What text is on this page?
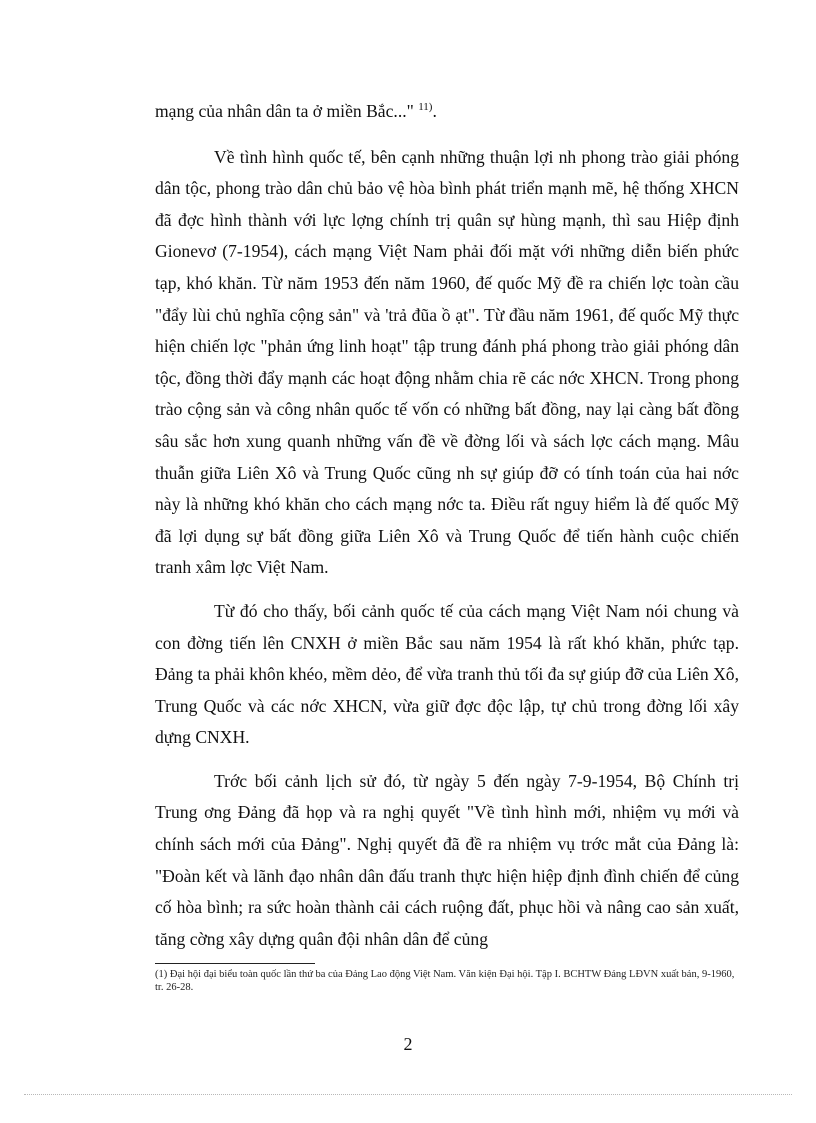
mạng của nhân dân ta ở miền Bắc..." $^{11)}$.

Về tình hình quốc tế, bên cạnh những thuận lợi nh phong trào giải phóng dân tộc, phong trào dân chủ bảo vệ hòa bình phát triển mạnh mẽ, hệ thống XHCN đã đợc hình thành với lực lợng chính trị quân sự hùng mạnh, thì sau Hiệp định Gionevơ (7-1954), cách mạng Việt Nam phải đối mặt với những diễn biến phức tạp, khó khăn. Từ năm 1953 đến năm 1960, đế quốc Mỹ đề ra chiến lợc toàn cầu "đẩy lùi chủ nghĩa cộng sản" và 'trả đũa ồ ạt". Từ đầu năm 1961, đế quốc Mỹ thực hiện chiến lợc "phản ứng linh hoạt" tập trung đánh phá phong trào giải phóng dân tộc, đồng thời đẩy mạnh các hoạt động nhằm chia rẽ các nớc XHCN. Trong phong trào cộng sản và công nhân quốc tế vốn có những bất đồng, nay lại càng bất đồng sâu sắc hơn xung quanh những vấn đề về đờng lối và sách lợc cách mạng. Mâu thuẫn giữa Liên Xô và Trung Quốc cũng nh sự giúp đỡ có tính toán của hai nớc này là những khó khăn cho cách mạng nớc ta. Điều rất nguy hiểm là đế quốc Mỹ đã lợi dụng sự bất đồng giữa Liên Xô và Trung Quốc để tiến hành cuộc chiến tranh xâm lợc Việt Nam.

Từ đó cho thấy, bối cảnh quốc tế của cách mạng Việt Nam nói chung và con đờng tiến lên CNXH ở miền Bắc sau năm 1954 là rất khó khăn, phức tạp. Đảng ta phải khôn khéo, mềm dẻo, để vừa tranh thủ tối đa sự giúp đỡ của Liên Xô, Trung Quốc và các nớc XHCN, vừa giữ đợc độc lập, tự chủ trong đờng lối xây dựng CNXH.

Trớc bối cảnh lịch sử đó, từ ngày 5 đến ngày 7-9-1954, Bộ Chính trị Trung ơng Đảng đã họp và ra nghị quyết "Về tình hình mới, nhiệm vụ mới và chính sách mới của Đảng". Nghị quyết đã đề ra nhiệm vụ trớc mắt của Đảng là: "Đoàn kết và lãnh đạo nhân dân đấu tranh thực hiện hiệp định đình chiến để củng cố hòa bình; ra sức hoàn thành cải cách ruộng đất, phục hồi và nâng cao sản xuất, tăng cờng xây dựng quân đội nhân dân để củng

(1) Đại hội đại biểu toàn quốc lần thứ ba của Đảng Lao động Việt Nam. Văn kiện Đại hội. Tập I. BCHTW Đảng LĐVN xuất bản, 9-1960, tr. 26-28.
2
